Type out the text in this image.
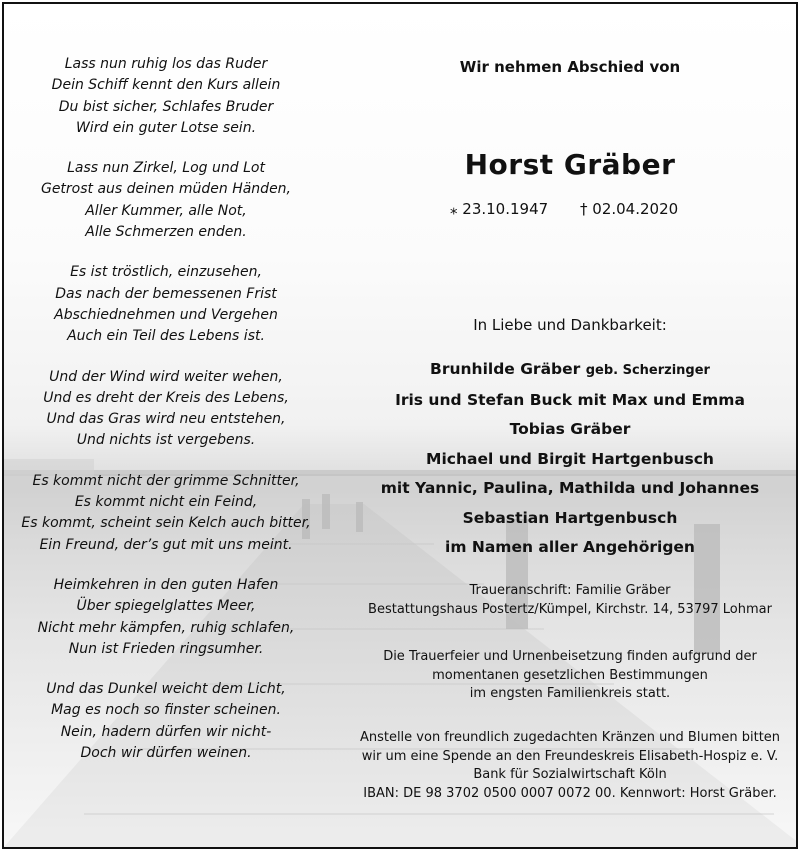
Lass nun ruhig los das Ruder
Dein Schiff kennt den Kurs allein
Du bist sicher, Schlafes Bruder
Wird ein guter Lotse sein.
Lass nun Zirkel, Log und Lot
Getrost aus deinen müden Händen,
Aller Kummer, alle Not,
Alle Schmerzen enden.
Es ist tröstlich, einzusehen,
Das nach der bemessenen Frist
Abschiednehmen und Vergehen
Auch ein Teil des Lebens ist.
Und der Wind wird weiter wehen,
Und es dreht der Kreis des Lebens,
Und das Gras wird neu entstehen,
Und nichts ist vergebens.
Es kommt nicht der grimme Schnitter,
Es kommt nicht ein Feind,
Es kommt, scheint sein Kelch auch bitter,
Ein Freund, der’s gut mit uns meint.
Heimkehren in den guten Hafen
Über spiegelglattes Meer,
Nicht mehr kämpfen, ruhig schlafen,
Nun ist Frieden ringsumher.
Und das Dunkel weicht dem Licht,
Mag es noch so finster scheinen.
Nein, hadern dürfen wir nicht-
Doch wir dürfen weinen.
Wir nehmen Abschied von
Horst Gräber
⁎ 23.10.1947 † 02.04.2020
In Liebe und Dankbarkeit:
Brunhilde Gräber geb. Scherzinger
Iris und Stefan Buck mit Max und Emma
Tobias Gräber
Michael und Birgit Hartgenbusch
mit Yannic, Paulina, Mathilda und Johannes
Sebastian Hartgenbusch
im Namen aller Angehörigen
Traueranschrift: Familie Gräber
Bestattungshaus Postertz/Kümpel, Kirchstr. 14, 53797 Lohmar
Die Trauerfeier und Urnenbeisetzung finden aufgrund der
momentanen gesetzlichen Bestimmungen
im engsten Familienkreis statt.
Anstelle von freundlich zugedachten Kränzen und Blumen bitten
wir um eine Spende an den Freundeskreis Elisabeth-Hospiz e. V.
Bank für Sozialwirtschaft Köln
IBAN: DE 98 3702 0500 0007 0072 00. Kennwort: Horst Gräber.
